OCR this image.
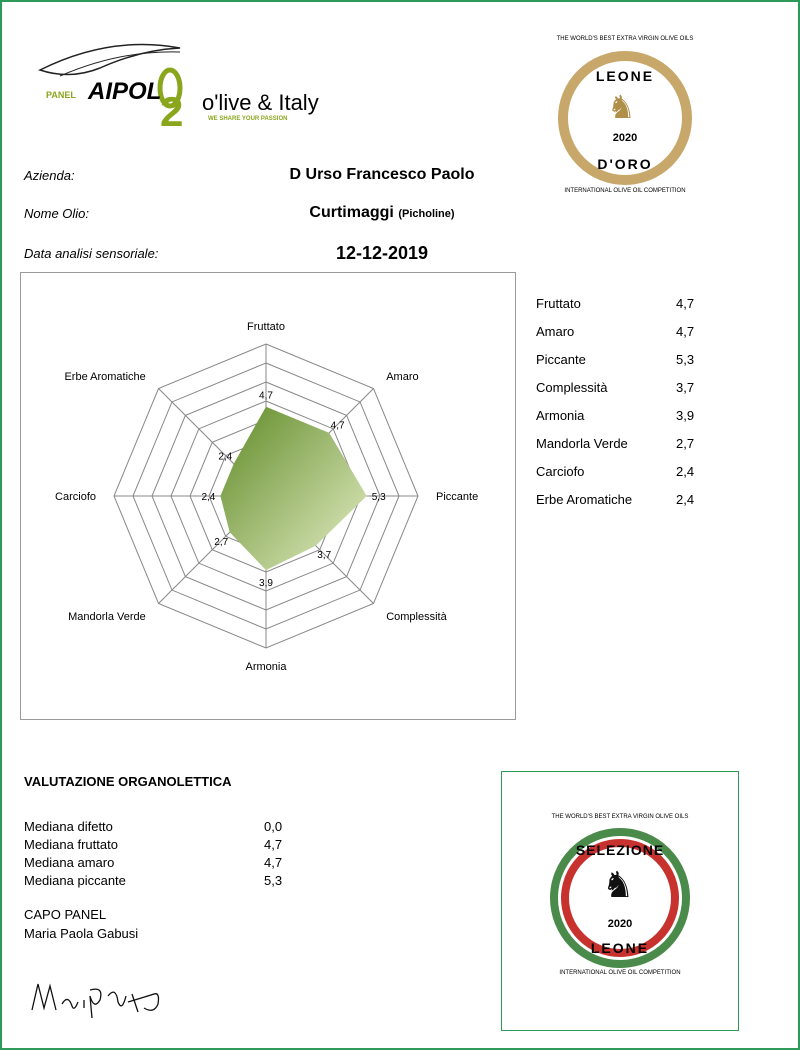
PANEL AIPOL
2 o'live & Italy
WE SHARE YOUR PASSION
THE WORLD'S BEST EXTRA VIRGIN OLIVE OILS
LEONE
♞
2020
D'ORO
INTERNATIONAL OLIVE OIL COMPETITION
Azienda:	D Urso Francesco Paolo
Nome Olio:	Curtimaggi (Picholine)
Data analisi sensoriale:	12-12-2019
4,7
4,7
5,3
3,7
3,9
2,7
2,4
2,4
Fruttato
Amaro
Piccante
Complessità
Armonia
Mandorla Verde
Carciofo
Erbe Aromatiche
Fruttato	4,7
Amaro	4,7
Piccante	5,3
Complessità	3,7
Armonia	3,9
Mandorla Verde	2,7
Carciofo	2,4
Erbe Aromatiche	2,4
VALUTAZIONE ORGANOLETTICA
Mediana difetto	0,0
Mediana fruttato	4,7
Mediana amaro	4,7
Mediana piccante	5,3
CAPO PANEL
Maria Paola Gabusi
THE WORLD'S BEST EXTRA VIRGIN OLIVE OILS
SELEZIONE
♞
2020
LEONE
INTERNATIONAL OLIVE OIL COMPETITION
